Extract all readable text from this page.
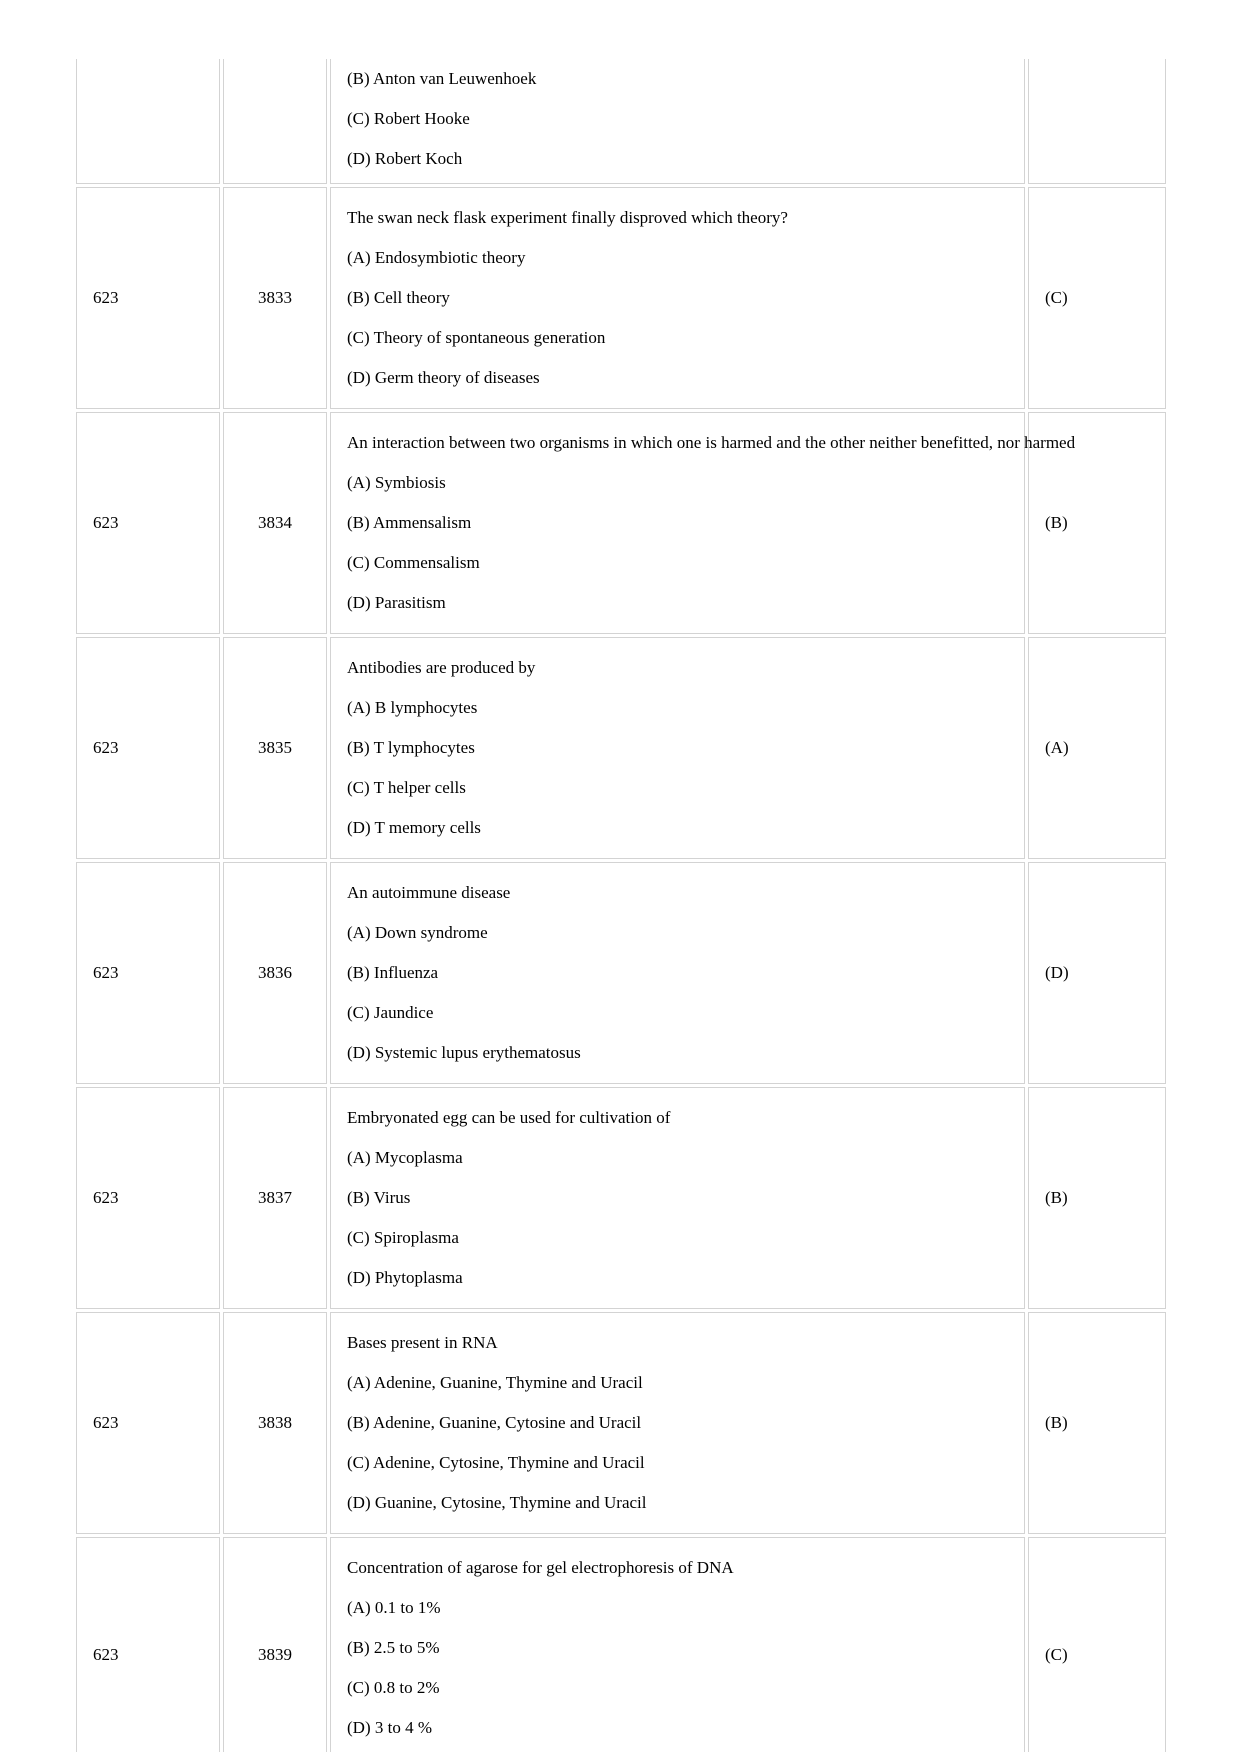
(B) Anton van Leuwenhoek
(C) Robert Hooke
(D) Robert Koch	

623	3833	The swan neck flask experiment finally disproved which theory?
(A) Endosymbiotic theory
(B) Cell theory
(C) Theory of spontaneous generation
(D) Germ theory of diseases	(C)
623	3834	An interaction between two organisms in which one is harmed and the other neither benefitted, nor harmed
(A) Symbiosis
(B) Ammensalism
(C) Commensalism
(D) Parasitism	(B)
623	3835	Antibodies are produced by
(A) B lymphocytes
(B) T lymphocytes
(C) T helper cells
(D) T memory cells	(A)
623	3836	An autoimmune disease
(A) Down syndrome
(B) Influenza
(C) Jaundice
(D) Systemic lupus erythematosus	(D)
623	3837	Embryonated egg can be used for cultivation of
(A) Mycoplasma
(B) Virus
(C) Spiroplasma
(D) Phytoplasma	(B)
623	3838	Bases present in RNA
(A) Adenine, Guanine, Thymine and Uracil
(B) Adenine, Guanine, Cytosine and Uracil
(C) Adenine, Cytosine, Thymine and Uracil
(D) Guanine, Cytosine, Thymine and Uracil	(B)

623	3839	Concentration of agarose for gel electrophoresis of DNA
(A) 0.1 to 1%
(B) 2.5 to 5%
(C) 0.8 to 2%
(D) 3 to 4 %	(C)
